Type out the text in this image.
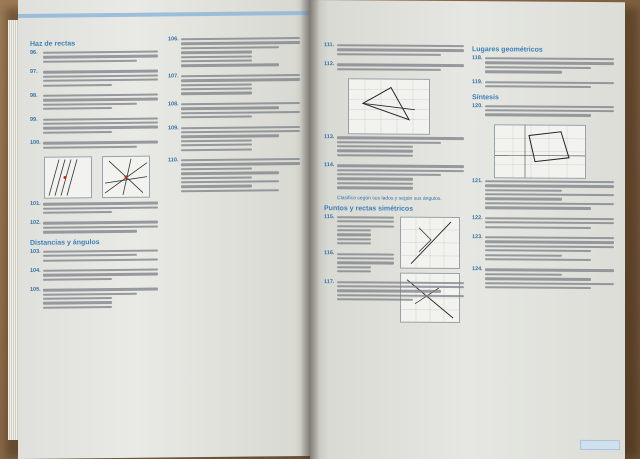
Haz de rectas
96.
97.
98.
99.
100.
101.
102.
Distancias y ángulos
103.
104.
105.
106.
107.
108.
109.
110.
111.
112.
113.
114.
Clasifica según sus lados y según sus ángulos.
Puntos y rectas simétricos
115.
116.
117.
Lugares geométricos
118.
119.
Síntesis
120.
121.
122.
123.
124.
